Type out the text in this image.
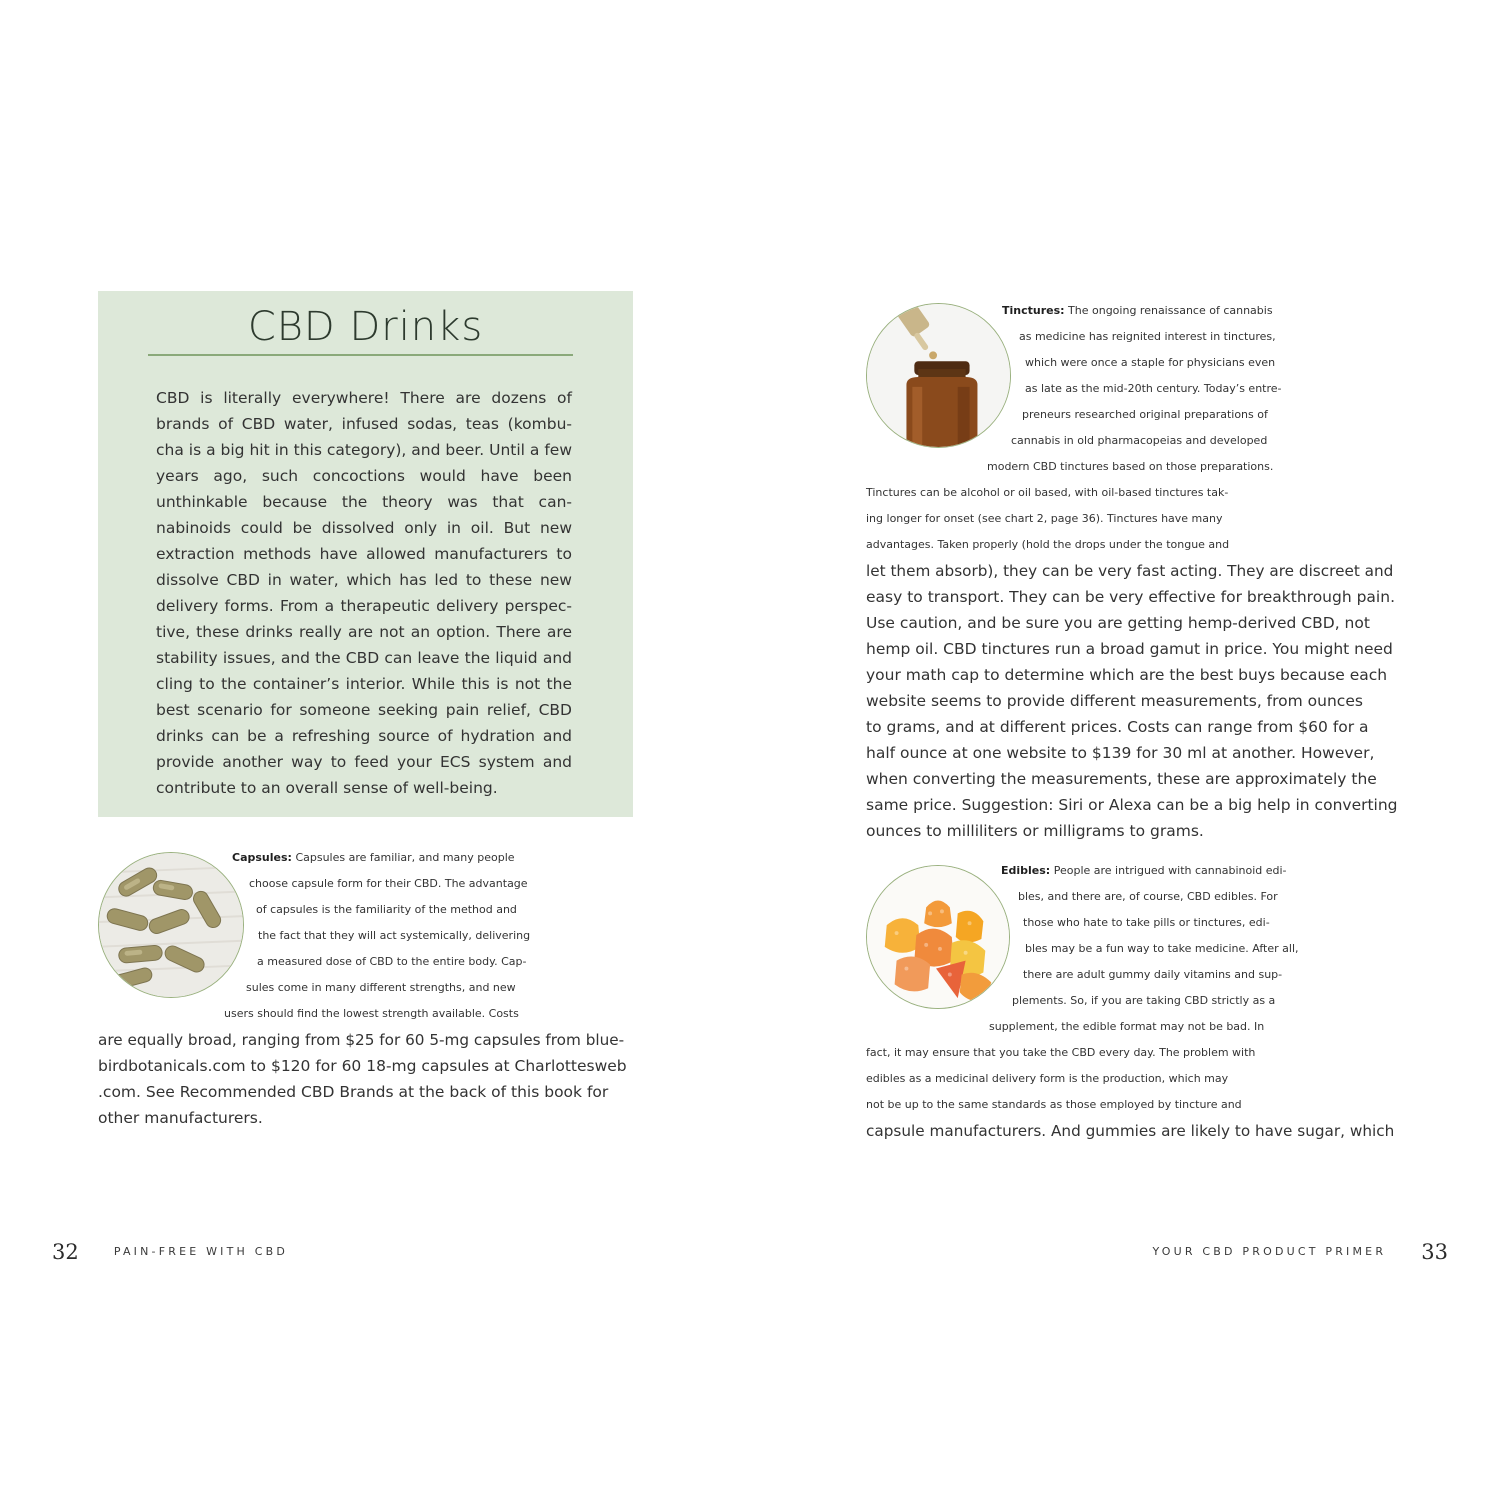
CBD Drinks

CBD is literally everywhere! There are dozens of brands of CBD water, infused sodas, teas (kombu-cha is a big hit in this category), and beer. Until a few years ago, such concoctions would have been unthinkable because the theory was that can-nabinoids could be dissolved only in oil. But new extraction methods have allowed manufacturers to dissolve CBD in water, which has led to these new delivery forms. From a therapeutic delivery perspec-tive, these drinks really are not an option. There are stability issues, and the CBD can leave the liquid and cling to the container’s interior. While this is not the best scenario for someone seeking pain relief, CBD drinks can be a refreshing source of hydration and provide another way to feed your ECS system and contribute to an overall sense of well-being.

Capsules: Capsules are familiar, and many people
choose capsule form for their CBD. The advantage
of capsules is the familiarity of the method and
the fact that they will act systemically, delivering
a measured dose of CBD to the entire body. Cap-
sules come in many different strengths, and new
users should find the lowest strength available. Costs
are equally broad, ranging from $25 for 60 5-mg capsules from blue-
birdbotanicals.com to $120 for 60 18-mg capsules at Charlottesweb
.com. See Recommended CBD Brands at the back of this book for
other manufacturers.
32	$^{PAIN-FREE WITH CBD}$
Tinctures: The ongoing renaissance of cannabis
as medicine has reignited interest in tinctures,
which were once a staple for physicians even
as late as the mid-20th century. Today’s entre-
preneurs researched original preparations of
cannabis in old pharmacopeias and developed
modern CBD tinctures based on those preparations.
Tinctures can be alcohol or oil based, with oil-based tinctures tak-
ing longer for onset (see chart 2, page 36). Tinctures have many
advantages. Taken properly (hold the drops under the tongue and
let them absorb), they can be very fast acting. They are discreet and
easy to transport. They can be very effective for breakthrough pain.
Use caution, and be sure you are getting hemp-derived CBD, not
hemp oil. CBD tinctures run a broad gamut in price. You might need
your math cap to determine which are the best buys because each
website seems to provide different measurements, from ounces
to grams, and at different prices. Costs can range from $60 for a
half ounce at one website to $139 for 30 ml at another. However,
when converting the measurements, these are approximately the
same price. Suggestion: Siri or Alexa can be a big help in converting
ounces to milliliters or milligrams to grams.
Edibles: People are intrigued with cannabinoid edi-
bles, and there are, of course, CBD edibles. For
those who hate to take pills or tinctures, edi-
bles may be a fun way to take medicine. After all,
there are adult gummy daily vitamins and sup-
plements. So, if you are taking CBD strictly as a
supplement, the edible format may not be bad. In
fact, it may ensure that you take the CBD every day. The problem with
edibles as a medicinal delivery form is the production, which may
not be up to the same standards as those employed by tincture and
capsule manufacturers. And gummies are likely to have sugar, which
$^{YOUR CBD PRODUCT PRIMER}$ 33
